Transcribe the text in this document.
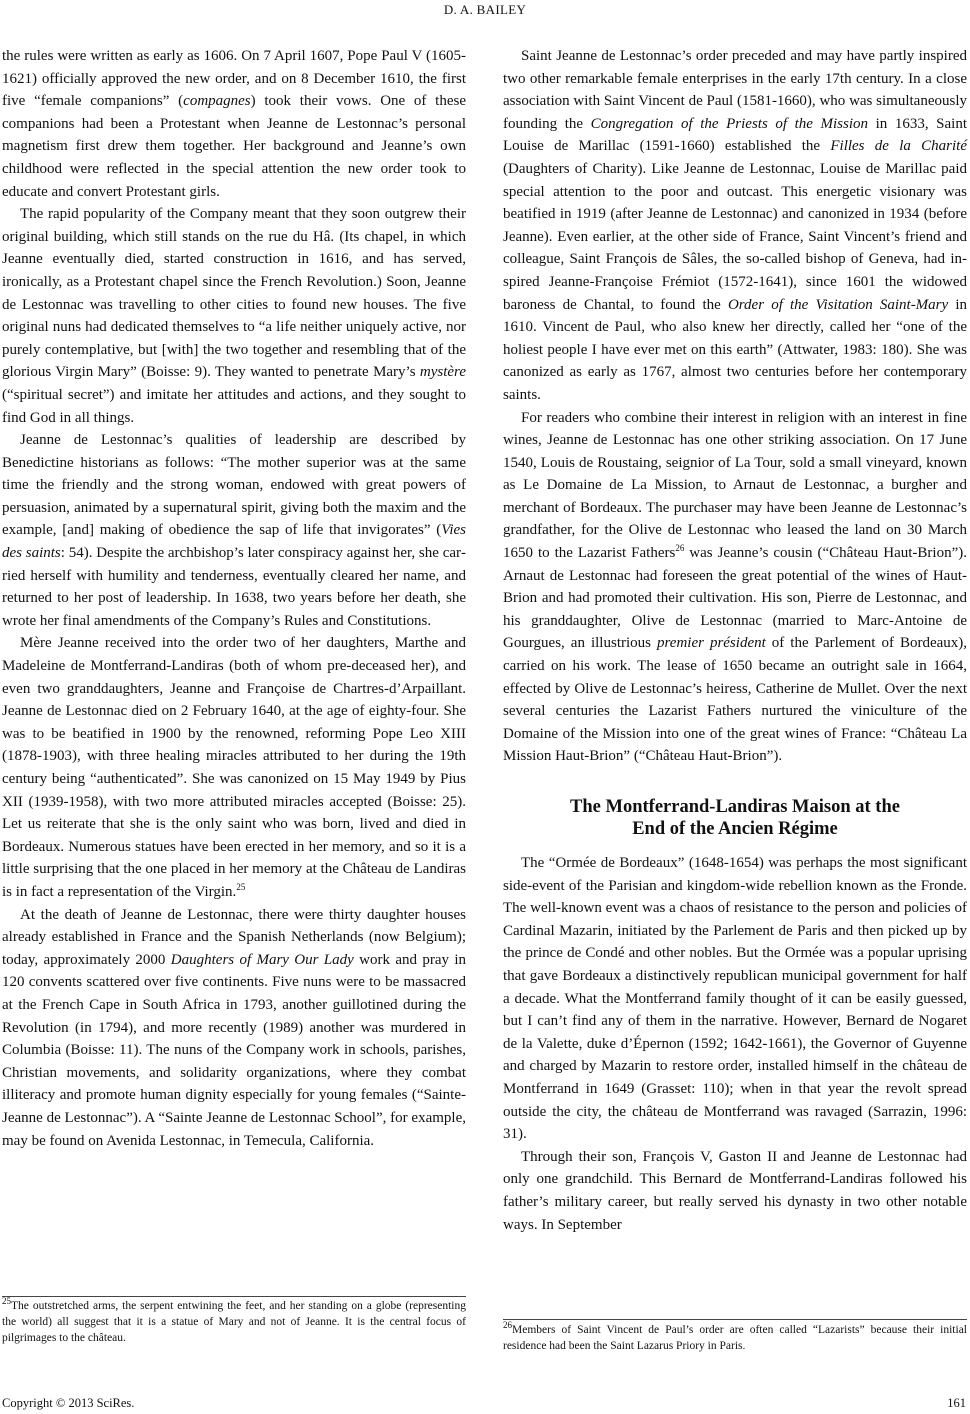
D. A. BAILEY

the rules were written as early as 1606. On 7 April 1607, Pope Paul V (1605-1621) officially approved the new order, and on 8 December 1610, the first five “female companions” (compagnes) took their vows. One of these companions had been a Protestant when Jeanne de Lestonnac’s personal magnetism first drew them together. Her background and Jeanne’s own childhood were reflected in the special attention the new order took to educate and convert Protestant girls.

The rapid popularity of the Company meant that they soon outgrew their original building, which still stands on the rue du Hâ. (Its chapel, in which Jeanne eventually died, started construction in 1616, and has served, ironically, as a Protestant chapel since the French Revolution.) Soon, Jeanne de Lestonnac was travelling to other cities to found new houses. The five original nuns had dedicated themselves to “a life neither uniquely active, nor purely contemplative, but [with] the two together and resembling that of the glorious Virgin Mary” (Boisse: 9). They wanted to penetrate Mary’s mystère (“spiritual secret”) and imitate her attitudes and actions, and they sought to find God in all things.

Jeanne de Lestonnac’s qualities of leadership are described by Benedictine historians as follows: “The mother superior was at the same time the friendly and the strong woman, endowed with great powers of persuasion, animated by a supernatural spirit, giving both the maxim and the example, [and] making of obedience the sap of life that invigorates” (Vies des saints: 54). Despite the archbishop’s later conspiracy against her, she carried herself with humility and tenderness, eventually cleared her name, and returned to her post of leadership. In 1638, two years before her death, she wrote her final amendments of the Company’s Rules and Constitutions.

Mère Jeanne received into the order two of her daughters, Marthe and Madeleine de Montferrand-Landiras (both of whom pre-deceased her), and even two granddaughters, Jeanne and Françoise de Chartres-d’Arpaillant. Jeanne de Lestonnac died on 2 February 1640, at the age of eighty-four. She was to be beatified in 1900 by the renowned, reforming Pope Leo XIII (1878-1903), with three healing miracles attributed to her during the 19th century being “authenticated”. She was canonized on 15 May 1949 by Pius XII (1939-1958), with two more attributed miracles accepted (Boisse: 25). Let us reiterate that she is the only saint who was born, lived and died in Bordeaux. Numerous statues have been erected in her memory, and so it is a little surprising that the one placed in her memory at the Château de Landiras is in fact a representation of the Virgin.$^{25}$

At the death of Jeanne de Lestonnac, there were thirty daughter houses already established in France and the Spanish Netherlands (now Belgium); today, approximately 2000 Daughters of Mary Our Lady work and pray in 120 convents scattered over five continents. Five nuns were to be massacred at the French Cape in South Africa in 1793, another guillotined during the Revolution (in 1794), and more recently (1989) another was murdered in Columbia (Boisse: 11). The nuns of the Company work in schools, parishes, Christian movements, and solidarity organizations, where they combat illiteracy and promote human dignity especially for young females (“Sainte-Jeanne de Lestonnac”). A “Sainte Jeanne de Lestonnac School”, for example, may be found on Avenida Lestonnac, in Temecula, California.

Saint Jeanne de Lestonnac’s order preceded and may have partly inspired two other remarkable female enterprises in the early 17th century. In a close association with Saint Vincent de Paul (1581-1660), who was simultaneously founding the Congregation of the Priests of the Mission in 1633, Saint Louise de Marillac (1591-1660) established the Filles de la Charité (Daughters of Charity). Like Jeanne de Lestonnac, Louise de Marillac paid special attention to the poor and outcast. This energetic visionary was beatified in 1919 (after Jeanne de Lestonnac) and canonized in 1934 (before Jeanne). Even earlier, at the other side of France, Saint Vincent’s friend and colleague, Saint François de Sâles, the so-called bishop of Geneva, had inspired Jeanne-Françoise Frémiot (1572-1641), since 1601 the widowed baroness de Chantal, to found the Order of the Visitation Saint-Mary in 1610. Vincent de Paul, who also knew her directly, called her “one of the holiest people I have ever met on this earth” (Attwater, 1983: 180). She was canonized as early as 1767, almost two centuries before her contemporary saints.

For readers who combine their interest in religion with an interest in fine wines, Jeanne de Lestonnac has one other striking association. On 17 June 1540, Louis de Roustaing, seignior of La Tour, sold a small vineyard, known as Le Domaine de La Mission, to Arnaut de Lestonnac, a burgher and merchant of Bordeaux. The purchaser may have been Jeanne de Lestonnac’s grandfather, for the Olive de Lestonnac who leased the land on 30 March 1650 to the Lazarist Fathers$^{26}$ was Jeanne’s cousin (“Château Haut-Brion”). Arnaut de Lestonnac had foreseen the great potential of the wines of Haut-Brion and had promoted their cultivation. His son, Pierre de Lestonnac, and his granddaughter, Olive de Lestonnac (married to Marc-Antoine de Gourgues, an illustrious premier président of the Parlement of Bordeaux), carried on his work. The lease of 1650 became an outright sale in 1664, effected by Olive de Lestonnac’s heiress, Catherine de Mullet. Over the next several centuries the Lazarist Fathers nurtured the viniculture of the Domaine of the Mission into one of the great wines of France: “Château La Mission Haut-Brion” (“Château Haut-Brion”).

The Montferrand-Landiras Maison at the
End of the Ancien Régime

The “Ormée de Bordeaux” (1648-1654) was perhaps the most significant side-event of the Parisian and kingdom-wide rebellion known as the Fronde. The well-known event was a chaos of resistance to the person and policies of Cardinal Mazarin, initiated by the Parlement de Paris and then picked up by the prince de Condé and other nobles. But the Ormée was a popular uprising that gave Bordeaux a distinctively republican municipal government for half a decade. What the Montferrand family thought of it can be easily guessed, but I can’t find any of them in the narrative. However, Bernard de Nogaret de la Valette, duke d’Épernon (1592; 1642-1661), the Governor of Guyenne and charged by Mazarin to restore order, installed himself in the château de Montferrand in 1649 (Grasset: 110); when in that year the revolt spread outside the city, the château de Montferrand was ravaged (Sarrazin, 1996: 31).

Through their son, François V, Gaston II and Jeanne de Lestonnac had only one grandchild. This Bernard de Montferrand-Landiras followed his father’s military career, but really served his dynasty in two other notable ways. In September

$^{25}$The outstretched arms, the serpent entwining the feet, and her standing on a globe (representing the world) all suggest that it is a statue of Mary and not of Jeanne. It is the central focus of pilgrimages to the château.
$^{26}$Members of Saint Vincent de Paul’s order are often called “Lazarists” because their initial residence had been the Saint Lazarus Priory in Paris.
Copyright © 2013 SciRes.	161
